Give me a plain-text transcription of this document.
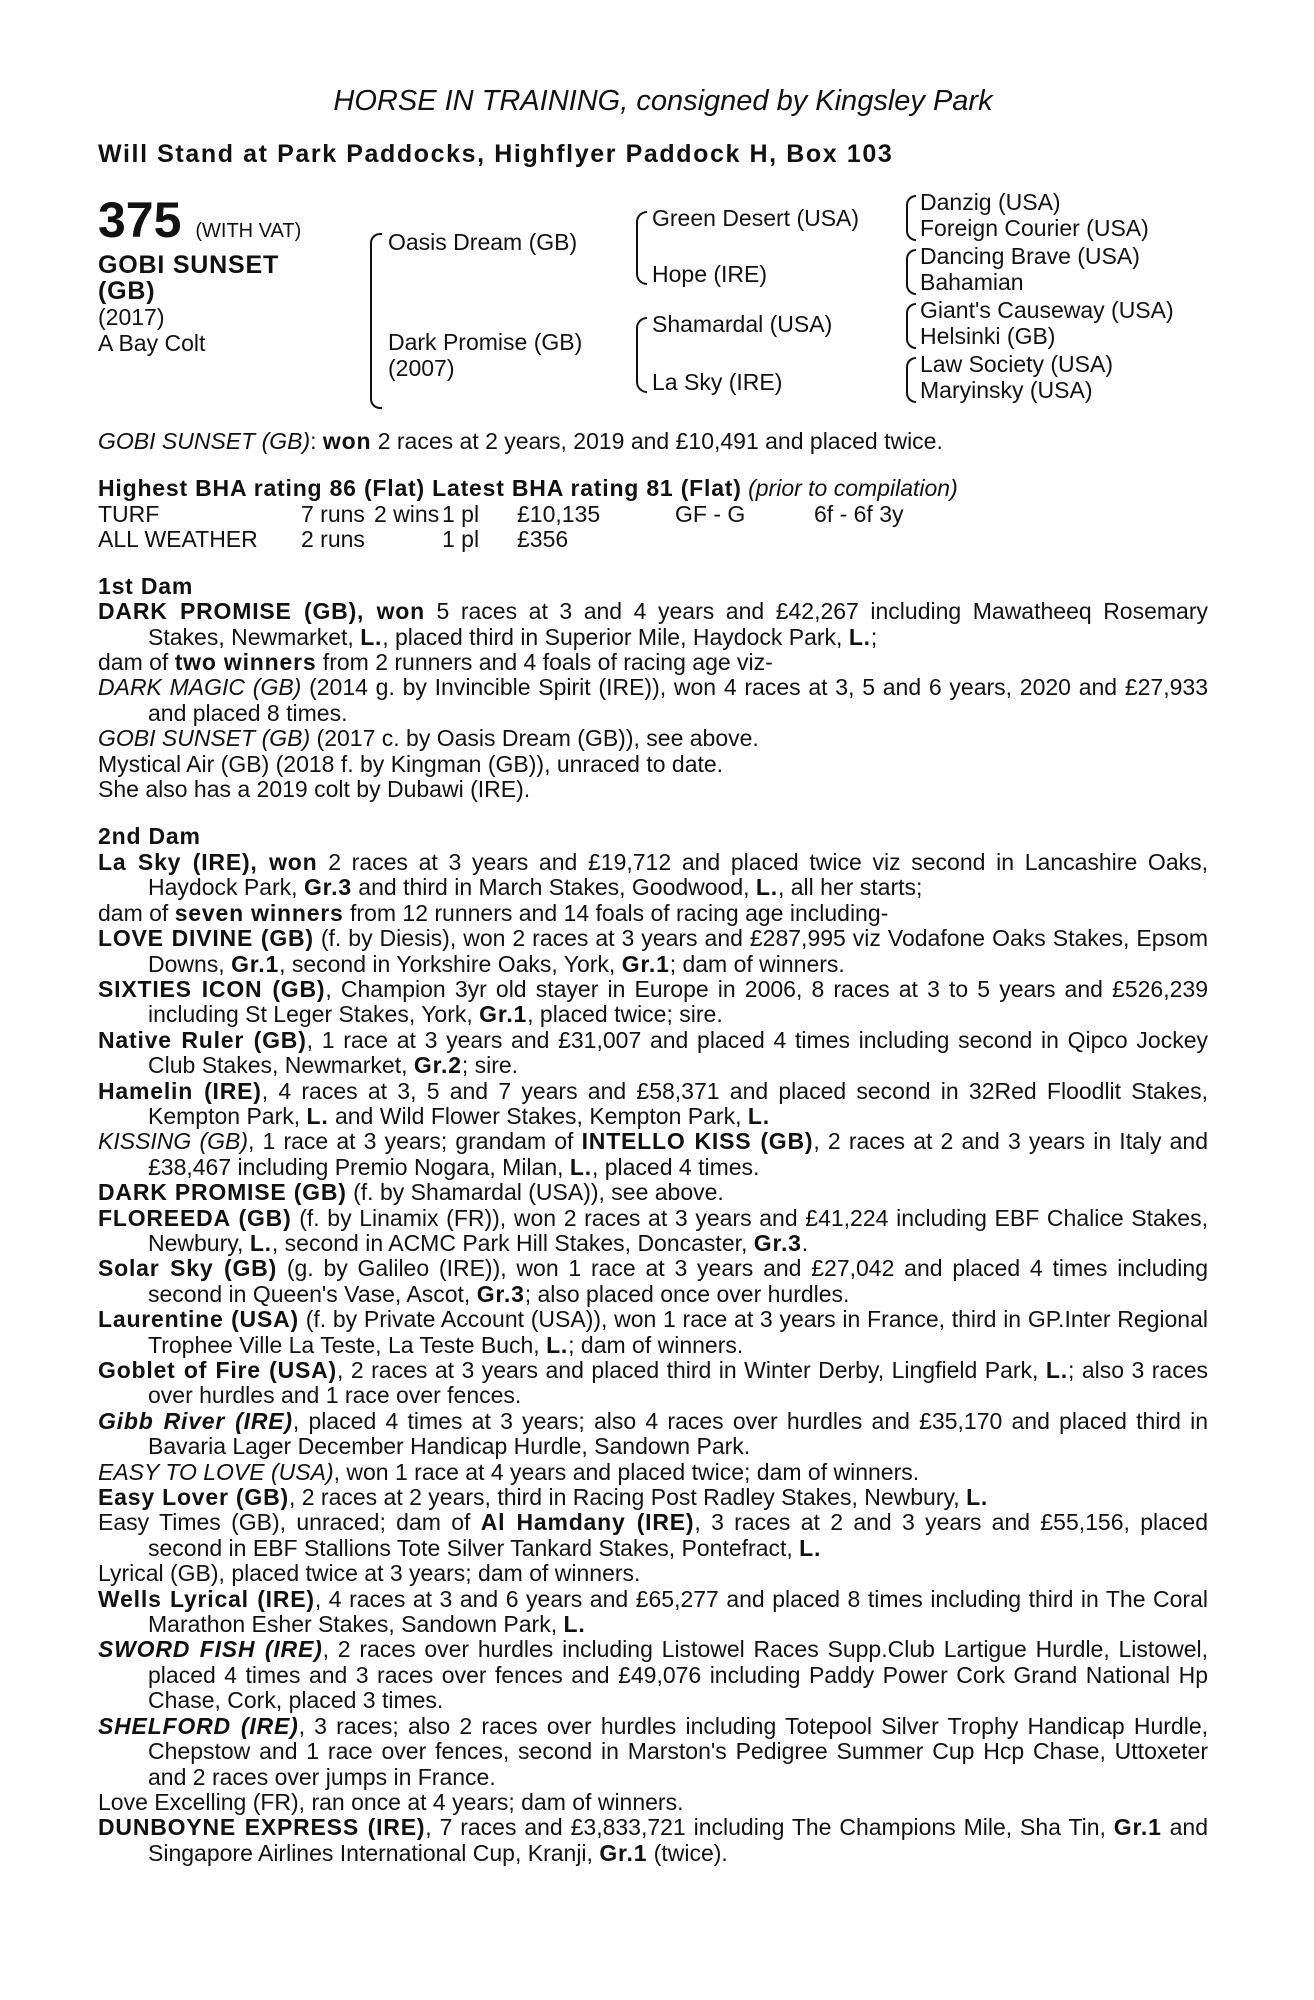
HORSE IN TRAINING, consigned by Kingsley Park
Will Stand at Park Paddocks, Highflyer Paddock H, Box 103
375 (WITH VAT)
GOBI SUNSET
(GB)
(2017)
A Bay Colt
Oasis Dream (GB)
Dark Promise (GB)
(2007)
Green Desert (USA)
Hope (IRE)
Shamardal (USA)
La Sky (IRE)
Danzig (USA)
Foreign Courier (USA)
Dancing Brave (USA)
Bahamian
Giant's Causeway (USA)
Helsinki (GB)
Law Society (USA)
Maryinsky (USA)

GOBI SUNSET (GB): won 2 races at 2 years, 2019 and £10,491 and placed twice.

Highest BHA rating 86 (Flat) Latest BHA rating 81 (Flat) (prior to compilation)

TURF	7 runs	2 wins	1 pl	£10,135	GF - G	6f - 6f 3y
ALL WEATHER	2 runs		1 pl	£356		

1st Dam

DARK PROMISE (GB), won 5 races at 3 and 4 years and £42,267 including Mawatheeq Rosemary Stakes, Newmarket, L., placed third in Superior Mile, Haydock Park, L.;

dam of two winners from 2 runners and 4 foals of racing age viz-

DARK MAGIC (GB) (2014 g. by Invincible Spirit (IRE)), won 4 races at 3, 5 and 6 years, 2020 and £27,933 and placed 8 times.

GOBI SUNSET (GB) (2017 c. by Oasis Dream (GB)), see above.

Mystical Air (GB) (2018 f. by Kingman (GB)), unraced to date.

She also has a 2019 colt by Dubawi (IRE).

2nd Dam

La Sky (IRE), won 2 races at 3 years and £19,712 and placed twice viz second in Lancashire Oaks, Haydock Park, Gr.3 and third in March Stakes, Goodwood, L., all her starts;

dam of seven winners from 12 runners and 14 foals of racing age including-

LOVE DIVINE (GB) (f. by Diesis), won 2 races at 3 years and £287,995 viz Vodafone Oaks Stakes, Epsom Downs, Gr.1, second in Yorkshire Oaks, York, Gr.1; dam of winners.

SIXTIES ICON (GB), Champion 3yr old stayer in Europe in 2006, 8 races at 3 to 5 years and £526,239 including St Leger Stakes, York, Gr.1, placed twice; sire.

Native Ruler (GB), 1 race at 3 years and £31,007 and placed 4 times including second in Qipco Jockey Club Stakes, Newmarket, Gr.2; sire.

Hamelin (IRE), 4 races at 3, 5 and 7 years and £58,371 and placed second in 32Red Floodlit Stakes, Kempton Park, L. and Wild Flower Stakes, Kempton Park, L.

KISSING (GB), 1 race at 3 years; grandam of INTELLO KISS (GB), 2 races at 2 and 3 years in Italy and £38,467 including Premio Nogara, Milan, L., placed 4 times.

DARK PROMISE (GB) (f. by Shamardal (USA)), see above.

FLOREEDA (GB) (f. by Linamix (FR)), won 2 races at 3 years and £41,224 including EBF Chalice Stakes, Newbury, L., second in ACMC Park Hill Stakes, Doncaster, Gr.3.

Solar Sky (GB) (g. by Galileo (IRE)), won 1 race at 3 years and £27,042 and placed 4 times including second in Queen's Vase, Ascot, Gr.3; also placed once over hurdles.

Laurentine (USA) (f. by Private Account (USA)), won 1 race at 3 years in France, third in GP.Inter Regional Trophee Ville La Teste, La Teste Buch, L.; dam of winners.

Goblet of Fire (USA), 2 races at 3 years and placed third in Winter Derby, Lingfield Park, L.; also 3 races over hurdles and 1 race over fences.

Gibb River (IRE), placed 4 times at 3 years; also 4 races over hurdles and £35,170 and placed third in Bavaria Lager December Handicap Hurdle, Sandown Park.

EASY TO LOVE (USA), won 1 race at 4 years and placed twice; dam of winners.

Easy Lover (GB), 2 races at 2 years, third in Racing Post Radley Stakes, Newbury, L.

Easy Times (GB), unraced; dam of Al Hamdany (IRE), 3 races at 2 and 3 years and £55,156, placed second in EBF Stallions Tote Silver Tankard Stakes, Pontefract, L.

Lyrical (GB), placed twice at 3 years; dam of winners.

Wells Lyrical (IRE), 4 races at 3 and 6 years and £65,277 and placed 8 times including third in The Coral Marathon Esher Stakes, Sandown Park, L.

SWORD FISH (IRE), 2 races over hurdles including Listowel Races Supp.Club Lartigue Hurdle, Listowel, placed 4 times and 3 races over fences and £49,076 including Paddy Power Cork Grand National Hp Chase, Cork, placed 3 times.

SHELFORD (IRE), 3 races; also 2 races over hurdles including Totepool Silver Trophy Handicap Hurdle, Chepstow and 1 race over fences, second in Marston's Pedigree Summer Cup Hcp Chase, Uttoxeter and 2 races over jumps in France.

Love Excelling (FR), ran once at 4 years; dam of winners.

DUNBOYNE EXPRESS (IRE), 7 races and £3,833,721 including The Champions Mile, Sha Tin, Gr.1 and Singapore Airlines International Cup, Kranji, Gr.1 (twice).
